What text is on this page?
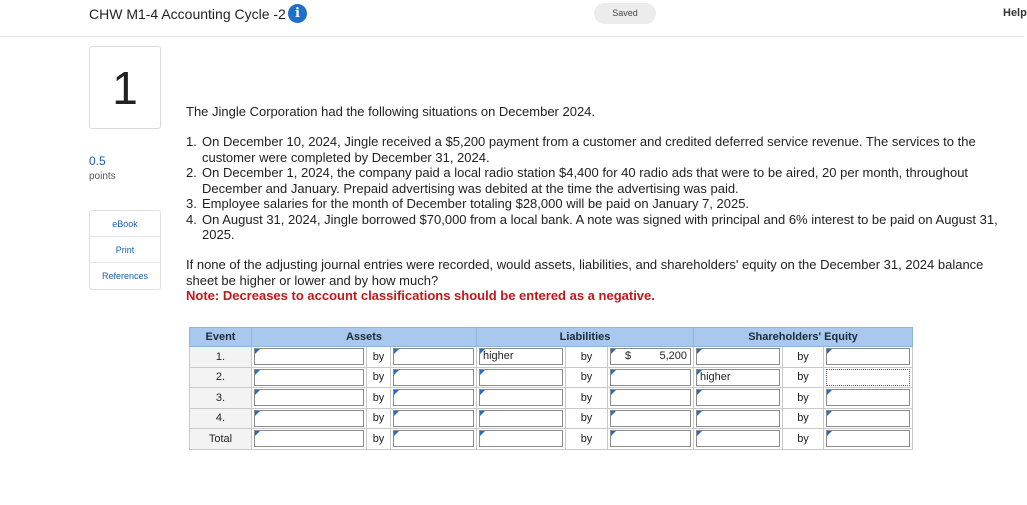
CHW M1-4 Accounting Cycle -2 i	Saved	Help
1
0.5
points
eBook
Print
References
The Jingle Corporation had the following situations on December 2024.
1. On December 10, 2024, Jingle received a $5,200 payment from a customer and credited deferred service revenue. The services to the customer were completed by December 31, 2024.
2. On December 1, 2024, the company paid a local radio station $4,400 for 40 radio ads that were to be aired, 20 per month, throughout December and January. Prepaid advertising was debited at the time the advertising was paid.
3. Employee salaries for the month of December totaling $28,000 will be paid on January 7, 2025.
4. On August 31, 2024, Jingle borrowed $70,000 from a local bank. A note was signed with principal and 6% interest to be paid on August 31, 2025.
If none of the adjusting journal entries were recorded, would assets, liabilities, and shareholders' equity on the December 31, 2024 balance sheet be higher or lower and by how much?
Note: Decreases to account classifications should be entered as a negative.
Event	Assets			Liabilities			Shareholders' Equity		
1.		by		higher	by	$ 5,200		by	

2.		by			by		higher	by	

3.		by			by			by	

4.		by			by			by	

Total		by			by			by	
